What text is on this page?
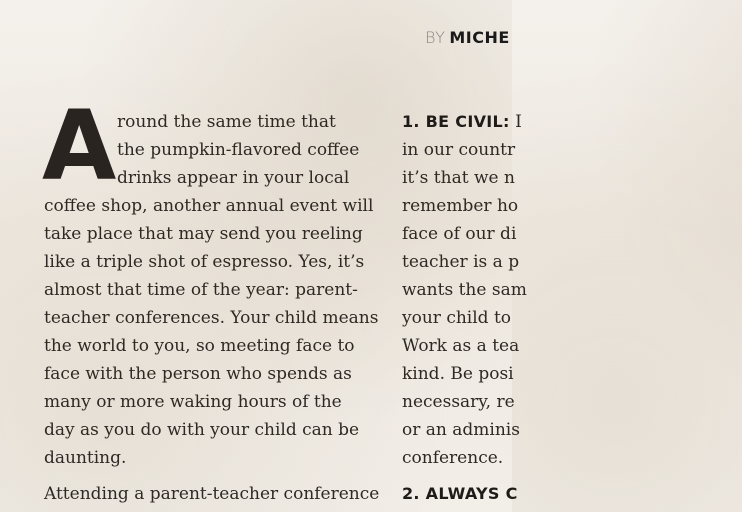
BY MICHE
A round the same time that
the pumpkin-flavored coffee
drinks appear in your local
coffee shop, another annual event will
take place that may send you reeling
like a triple shot of espresso. Yes, it’s
almost that time of the year: parent-
teacher conferences. Your child means
the world to you, so meeting face to
face with the person who spends as
many or more waking hours of the
day as you do with your child can be
daunting.
Attending a parent-teacher conference
1. BE CIVIL: I
in our countr
it’s that we n
remember ho
face of our di
teacher is a p
wants the sam
your child to
Work as a tea
kind. Be posi
necessary, re
or an adminis
conference.
2. ALWAYS C
